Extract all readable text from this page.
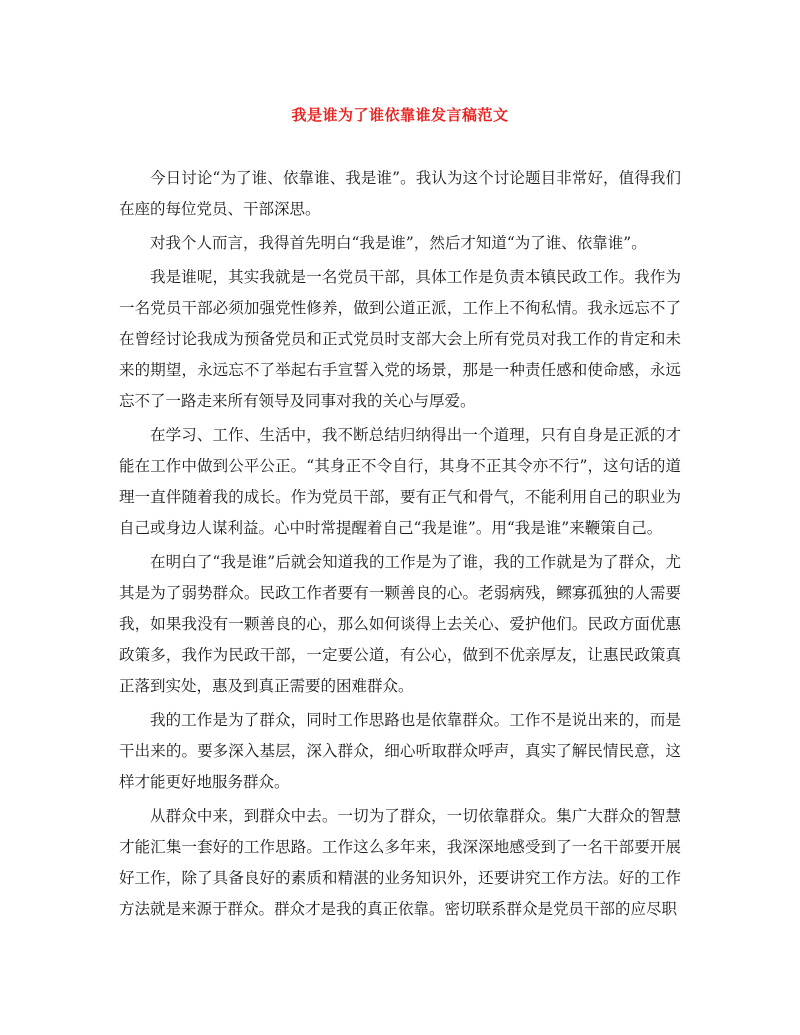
我是谁为了谁依靠谁发言稿范文

今日讨论“为了谁、依靠谁、我是谁”。我认为这个讨论题目非常好，值得我们在座的每位党员、干部深思。

对我个人而言，我得首先明白“我是谁”，然后才知道“为了谁、依靠谁”。

我是谁呢，其实我就是一名党员干部，具体工作是负责本镇民政工作。我作为一名党员干部必须加强党性修养，做到公道正派，工作上不徇私情。我永远忘不了在曾经讨论我成为预备党员和正式党员时支部大会上所有党员对我工作的肯定和未来的期望，永远忘不了举起右手宣誓入党的场景，那是一种责任感和使命感，永远忘不了一路走来所有领导及同事对我的关心与厚爱。

在学习、工作、生活中，我不断总结归纳得出一个道理，只有自身是正派的才能在工作中做到公平公正。“其身正不令自行，其身不正其令亦不行”，这句话的道理一直伴随着我的成长。作为党员干部，要有正气和骨气，不能利用自己的职业为自己或身边人谋利益。心中时常提醒着自己“我是谁”。用“我是谁”来鞭策自己。

在明白了“我是谁”后就会知道我的工作是为了谁，我的工作就是为了群众，尤其是为了弱势群众。民政工作者要有一颗善良的心。老弱病残，鳏寡孤独的人需要我，如果我没有一颗善良的心，那么如何谈得上去关心、爱护他们。民政方面优惠政策多，我作为民政干部，一定要公道，有公心，做到不优亲厚友，让惠民政策真正落到实处，惠及到真正需要的困难群众。

我的工作是为了群众，同时工作思路也是依靠群众。工作不是说出来的，而是干出来的。要多深入基层，深入群众，细心听取群众呼声，真实了解民情民意，这样才能更好地服务群众。

从群众中来，到群众中去。一切为了群众，一切依靠群众。集广大群众的智慧才能汇集一套好的工作思路。工作这么多年来，我深深地感受到了一名干部要开展好工作，除了具备良好的素质和精湛的业务知识外，还要讲究工作方法。好的工作方法就是来源于群众。群众才是我的真正依靠。密切联系群众是党员干部的应尽职
